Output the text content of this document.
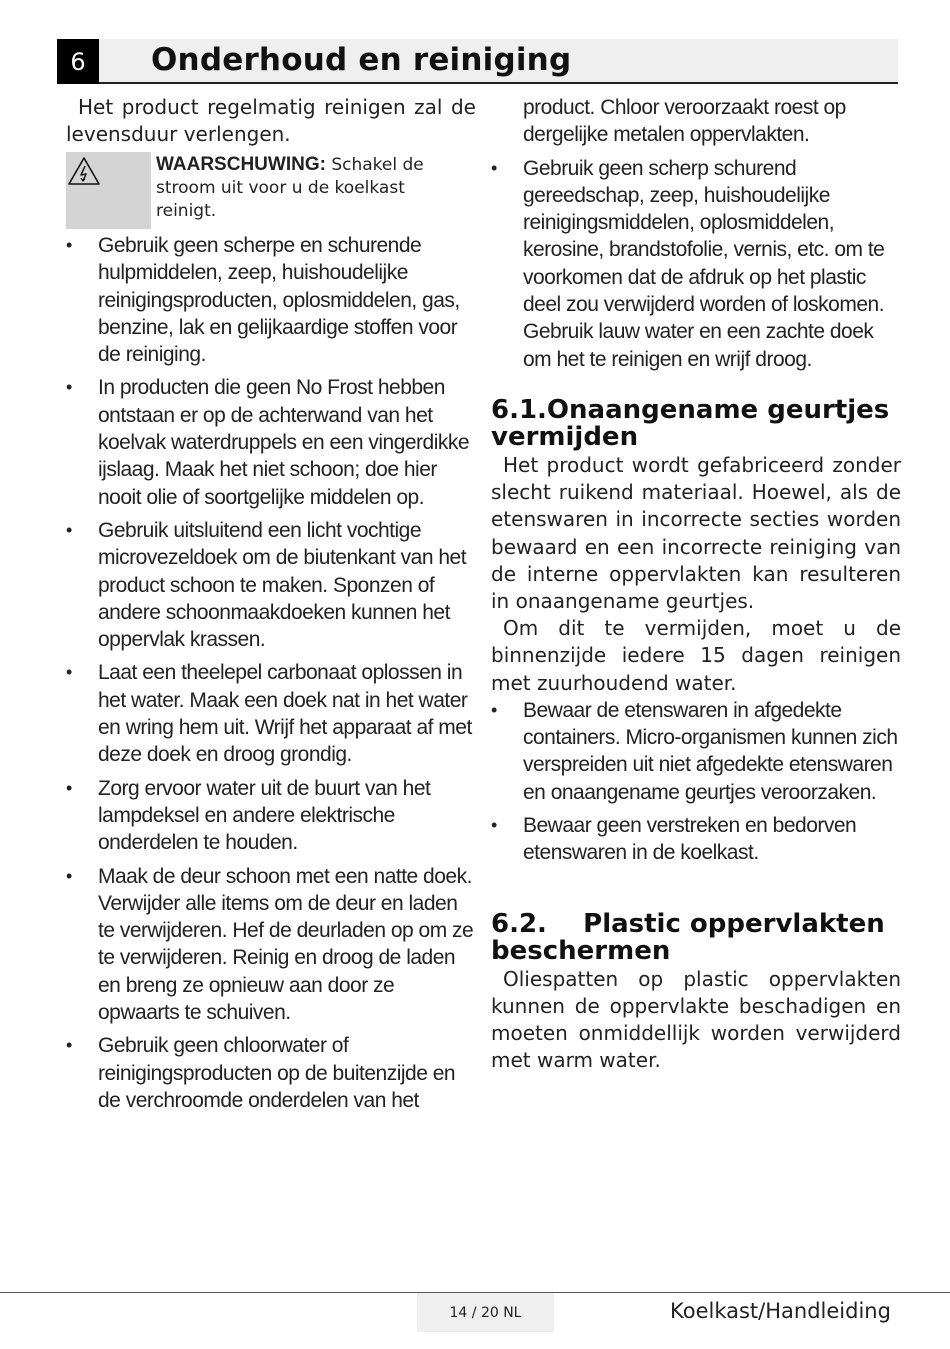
6	Onderhoud en reiniging

Het product regelmatig reinigen zal de levensduur verlengen.

WAARSCHUWING: Schakel de stroom uit voor u de koelkast reinigt.
• Gebruik geen scherpe en schurende hulpmiddelen, zeep, huishoudelijke reinigingsproducten, oplosmiddelen, gas, benzine, lak en gelijkaardige stoffen voor de reiniging.
• In producten die geen No Frost hebben ontstaan er op de achterwand van het koelvak waterdruppels en een vingerdikke ijslaag. Maak het niet schoon; doe hier nooit olie of soortgelijke middelen op.
• Gebruik uitsluitend een licht vochtige microvezeldoek om de biutenkant van het product schoon te maken. Sponzen of andere schoonmaakdoeken kunnen het oppervlak krassen.
• Laat een theelepel carbonaat oplossen in het water. Maak een doek nat in het water en wring hem uit. Wrijf het apparaat af met deze doek en droog grondig.
• Zorg ervoor water uit de buurt van het lampdeksel en andere elektrische onderdelen te houden.
• Maak de deur schoon met een natte doek. Verwijder alle items om de deur en laden te verwijderen. Hef de deurladen op om ze te verwijderen. Reinig en droog de laden en breng ze opnieuw aan door ze opwaarts te schuiven.
• Gebruik geen chloorwater of reinigingsproducten op de buitenzijde en de verchroomde onderdelen van het
product. Chloor veroorzaakt roest op dergelijke metalen oppervlakten.
• Gebruik geen scherp schurend gereedschap, zeep, huishoudelijke reinigingsmiddelen, oplosmiddelen, kerosine, brandstofolie, vernis, etc. om te voorkomen dat de afdruk op het plastic deel zou verwijderd worden of loskomen. Gebruik lauw water en een zachte doek om het te reinigen en wrijf droog.
6.1.Onaangename geurtjes vermijden

Het product wordt gefabriceerd zonder slecht ruikend materiaal. Hoewel, als de etenswaren in incorrecte secties worden bewaard en een incorrecte reiniging van de interne oppervlakten kan resulteren in onaangename geurtjes.

Om dit te vermijden, moet u de binnenzijde iedere 15 dagen reinigen met zuurhoudend water.

• Bewaar de etenswaren in afgedekte containers. Micro-organismen kunnen zich verspreiden uit niet afgedekte etenswaren en onaangename geurtjes veroorzaken.
• Bewaar geen verstreken en bedorven etenswaren in de koelkast.
6.2.    Plastic oppervlakten beschermen

Oliespatten op plastic oppervlakten kunnen de oppervlakte beschadigen en moeten onmiddellijk worden verwijderd met warm water.

14 / 20 NL	Koelkast/Handleiding
